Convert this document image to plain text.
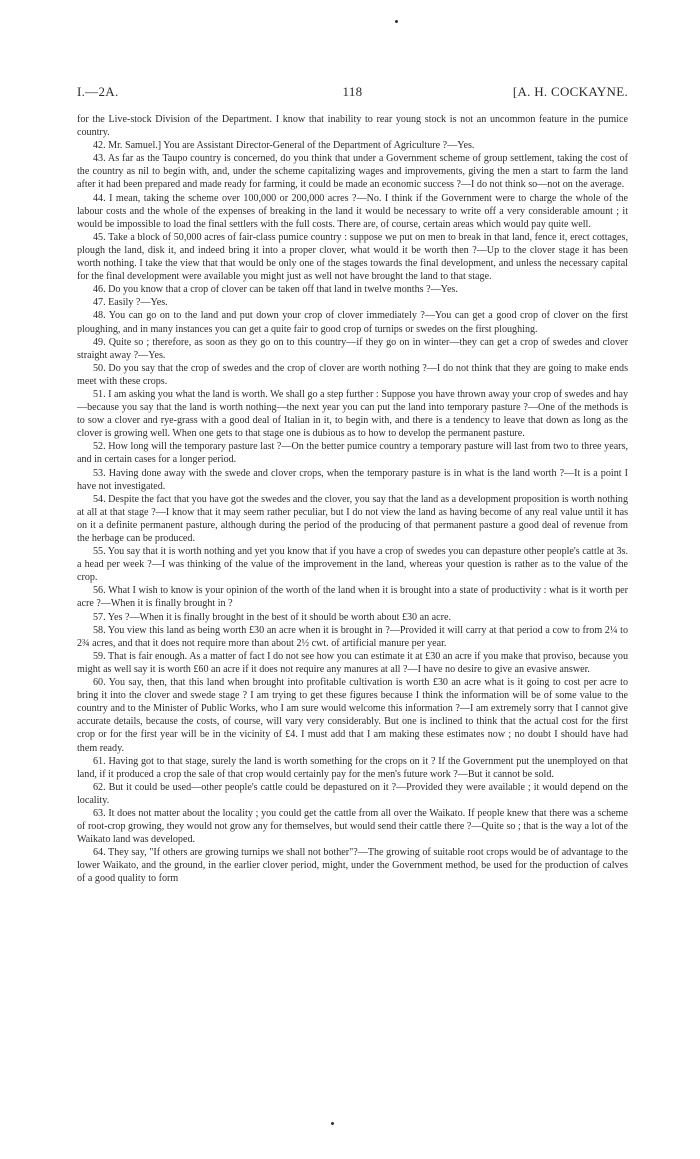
I.—2A.	118	[A. H. COCKAYNE.

for the Live-stock Division of the Department. I know that inability to rear young stock is not an uncommon feature in the pumice country.

42. Mr. Samuel.] You are Assistant Director-General of the Department of Agriculture ?—Yes.

43. As far as the Taupo country is concerned, do you think that under a Government scheme of group settlement, taking the cost of the country as nil to begin with, and, under the scheme capitalizing wages and improvements, giving the men a start to farm the land after it had been prepared and made ready for farming, it could be made an economic success ?—I do not think so—not on the average.

44. I mean, taking the scheme over 100,000 or 200,000 acres ?—No. I think if the Government were to charge the whole of the labour costs and the whole of the expenses of breaking in the land it would be necessary to write off a very considerable amount ; it would be impossible to load the final settlers with the full costs. There are, of course, certain areas which would pay quite well.

45. Take a block of 50,000 acres of fair-class pumice country : suppose we put on men to break in that land, fence it, erect cottages, plough the land, disk it, and indeed bring it into a proper clover, what would it be worth then ?—Up to the clover stage it has been worth nothing. I take the view that that would be only one of the stages towards the final development, and unless the necessary capital for the final development were available you might just as well not have brought the land to that stage.

46. Do you know that a crop of clover can be taken off that land in twelve months ?—Yes.

47. Easily ?—Yes.

48. You can go on to the land and put down your crop of clover immediately ?—You can get a good crop of clover on the first ploughing, and in many instances you can get a quite fair to good crop of turnips or swedes on the first ploughing.

49. Quite so ; therefore, as soon as they go on to this country—if they go on in winter—they can get a crop of swedes and clover straight away ?—Yes.

50. Do you say that the crop of swedes and the crop of clover are worth nothing ?—I do not think that they are going to make ends meet with these crops.

51. I am asking you what the land is worth. We shall go a step further : Suppose you have thrown away your crop of swedes and hay—because you say that the land is worth nothing—the next year you can put the land into temporary pasture ?—One of the methods is to sow a clover and rye-grass with a good deal of Italian in it, to begin with, and there is a tendency to leave that down as long as the clover is growing well. When one gets to that stage one is dubious as to how to develop the permanent pasture.

52. How long will the temporary pasture last ?—On the better pumice country a temporary pasture will last from two to three years, and in certain cases for a longer period.

53. Having done away with the swede and clover crops, when the temporary pasture is in what is the land worth ?—It is a point I have not investigated.

54. Despite the fact that you have got the swedes and the clover, you say that the land as a development proposition is worth nothing at all at that stage ?—I know that it may seem rather peculiar, but I do not view the land as having become of any real value until it has on it a definite permanent pasture, although during the period of the producing of that permanent pasture a good deal of revenue from the herbage can be produced.

55. You say that it is worth nothing and yet you know that if you have a crop of swedes you can depasture other people's cattle at 3s. a head per week ?—I was thinking of the value of the improvement in the land, whereas your question is rather as to the value of the crop.

56. What I wish to know is your opinion of the worth of the land when it is brought into a state of productivity : what is it worth per acre ?—When it is finally brought in ?

57. Yes ?—When it is finally brought in the best of it should be worth about £30 an acre.

58. You view this land as being worth £30 an acre when it is brought in ?—Provided it will carry at that period a cow to from 2¼ to 2¾ acres, and that it does not require more than about 2½ cwt. of artificial manure per year.

59. That is fair enough. As a matter of fact I do not see how you can estimate it at £30 an acre if you make that proviso, because you might as well say it is worth £60 an acre if it does not require any manures at all ?—I have no desire to give an evasive answer.

60. You say, then, that this land when brought into profitable cultivation is worth £30 an acre what is it going to cost per acre to bring it into the clover and swede stage ? I am trying to get these figures because I think the information will be of some value to the country and to the Minister of Public Works, who I am sure would welcome this information ?—I am extremely sorry that I cannot give accurate details, because the costs, of course, will vary very considerably. But one is inclined to think that the actual cost for the first crop or for the first year will be in the vicinity of £4. I must add that I am making these estimates now ; no doubt I should have had them ready.

61. Having got to that stage, surely the land is worth something for the crops on it ? If the Government put the unemployed on that land, if it produced a crop the sale of that crop would certainly pay for the men's future work ?—But it cannot be sold.

62. But it could be used—other people's cattle could be depastured on it ?—Provided they were available ; it would depend on the locality.

63. It does not matter about the locality ; you could get the cattle from all over the Waikato. If people knew that there was a scheme of root-crop growing, they would not grow any for themselves, but would send their cattle there ?—Quite so ; that is the way a lot of the Waikato land was developed.

64. They say, "If others are growing turnips we shall not bother"?—The growing of suitable root crops would be of advantage to the lower Waikato, and the ground, in the earlier clover period, might, under the Government method, be used for the production of calves of a good quality to form
